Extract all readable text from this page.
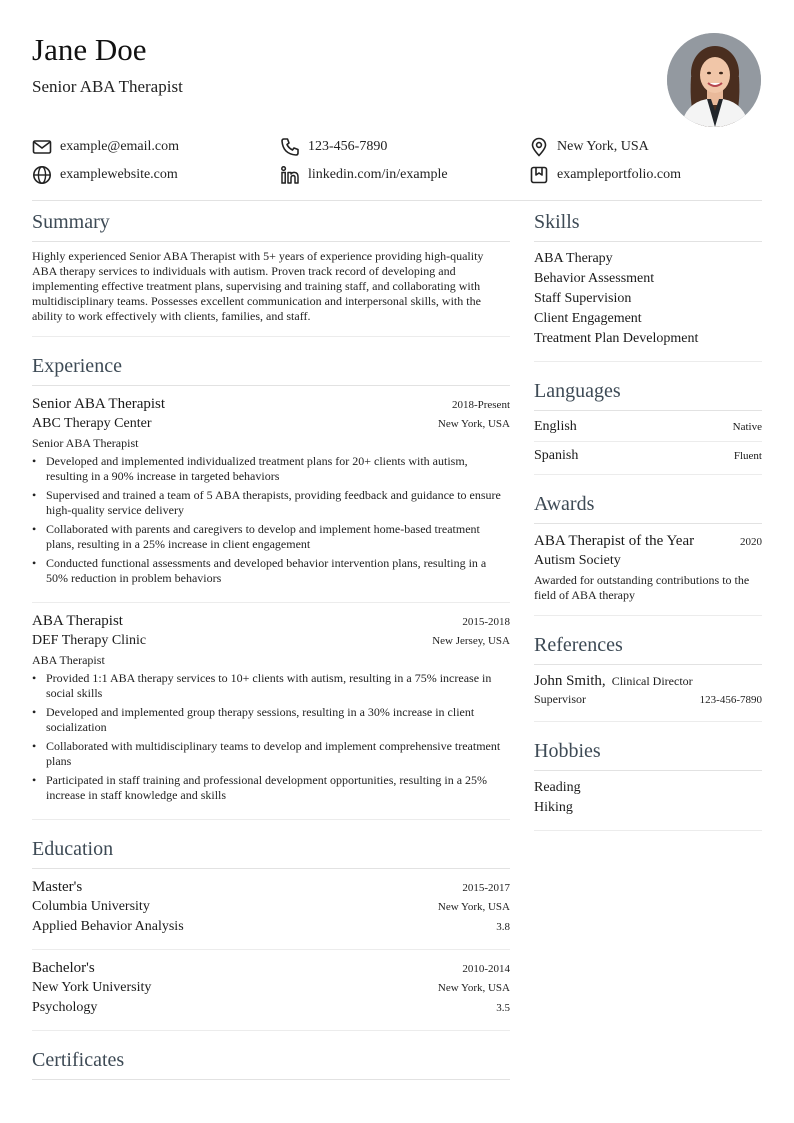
Jane Doe
Senior ABA Therapist
example@email.com	123-456-7890	New York, USA
examplewebsite.com	linkedin.com/in/example	exampleportfolio.com
Summary

Highly experienced Senior ABA Therapist with 5+ years of experience providing high-quality ABA therapy services to individuals with autism. Proven track record of developing and implementing effective treatment plans, supervising and training staff, and collaborating with multidisciplinary teams. Possesses excellent communication and interpersonal skills, with the ability to work effectively with clients, families, and staff.

Experience
Senior ABA Therapist	2018-Present
ABC Therapy Center	New York, USA
Senior ABA Therapist
• Developed and implemented individualized treatment plans for 20+ clients with autism, resulting in a 90% increase in targeted behaviors
• Supervised and trained a team of 5 ABA therapists, providing feedback and guidance to ensure high-quality service delivery
• Collaborated with parents and caregivers to develop and implement home-based treatment plans, resulting in a 25% increase in client engagement
• Conducted functional assessments and developed behavior intervention plans, resulting in a 50% reduction in problem behaviors
ABA Therapist	2015-2018
DEF Therapy Clinic	New Jersey, USA
ABA Therapist
• Provided 1:1 ABA therapy services to 10+ clients with autism, resulting in a 75% increase in social skills
• Developed and implemented group therapy sessions, resulting in a 30% increase in client socialization
• Collaborated with multidisciplinary teams to develop and implement comprehensive treatment plans
• Participated in staff training and professional development opportunities, resulting in a 25% increase in staff knowledge and skills
Education
Master's	2015-2017
Columbia University	New York, USA
Applied Behavior Analysis	3.8
Bachelor's	2010-2014
New York University	New York, USA
Psychology	3.5
Certificates
Skills
ABA Therapy
Behavior Assessment
Staff Supervision
Client Engagement
Treatment Plan Development
Languages
English	Native
Spanish	Fluent
Awards
ABA Therapist of the Year	2020
Autism Society
Awarded for outstanding contributions to the field of ABA therapy
References
John Smith, Clinical Director
Supervisor	123-456-7890
Hobbies
Reading
Hiking
